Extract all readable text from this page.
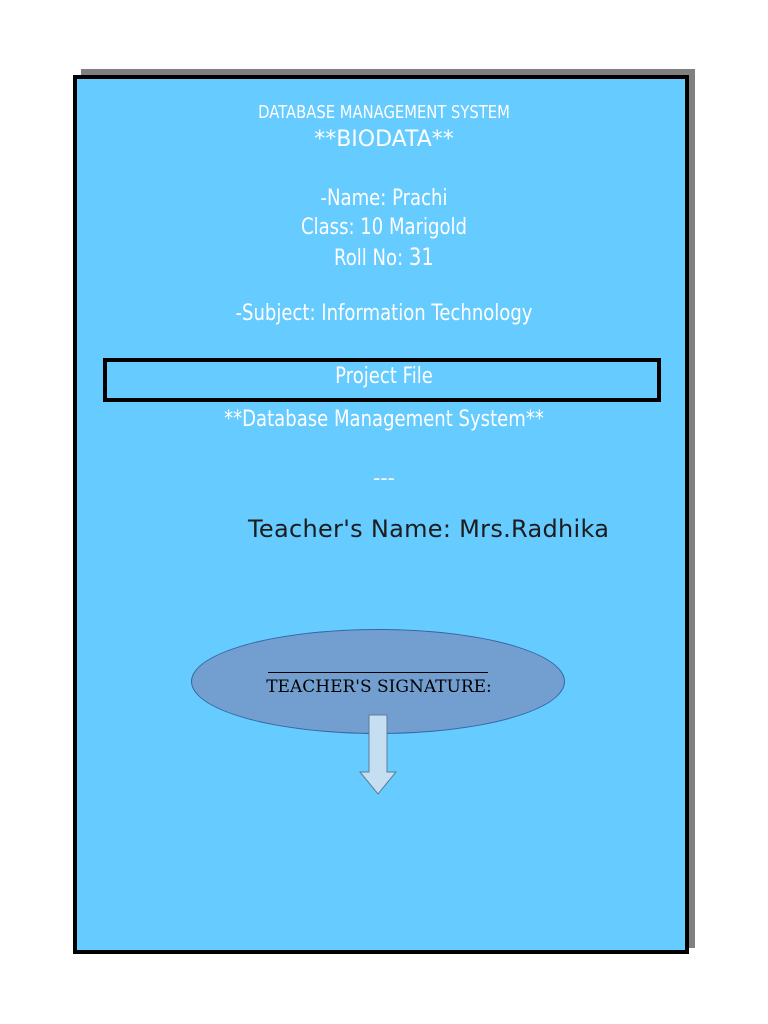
DATABASE MANAGEMENT SYSTEM
**BIODATA**
-Name: Prachi
Class: 10 Marigold
Roll No: 31
-Subject: Information Technology
Project File
**Database Management System**
---
Teacher's Name: Mrs.Radhika
TEACHER'S SIGNATURE:
